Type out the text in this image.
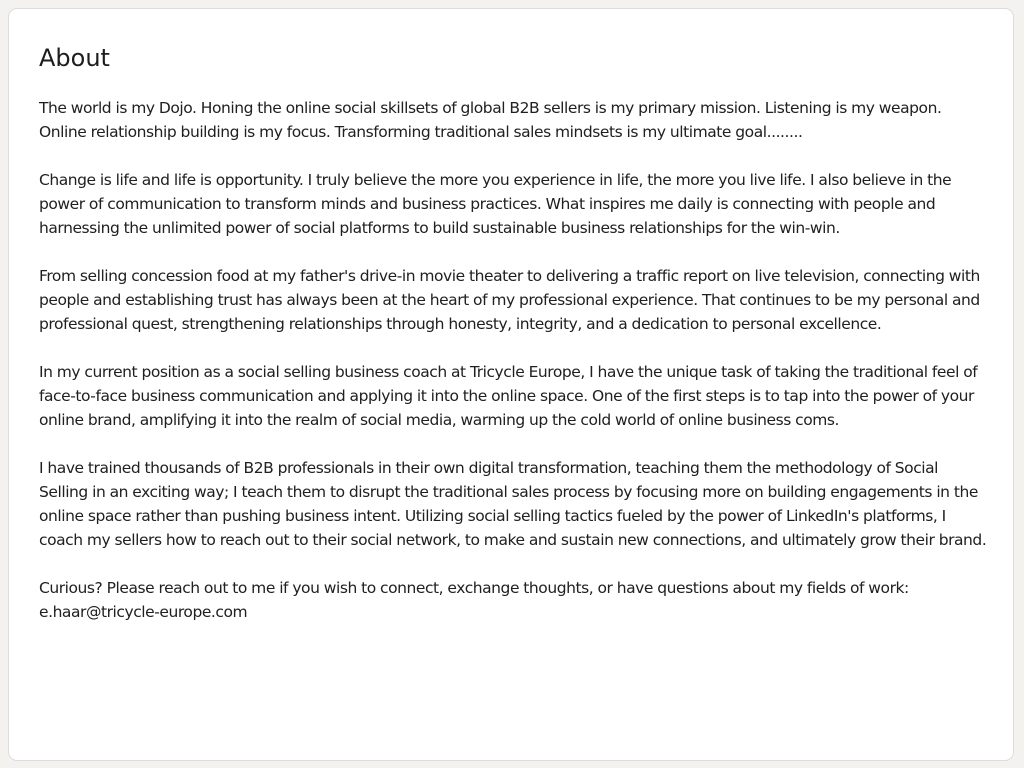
About

The world is my Dojo. Honing the online social skillsets of global B2B sellers is my primary mission. Listening is my weapon. Online relationship building is my focus. Transforming traditional sales mindsets is my ultimate goal........

Change is life and life is opportunity. I truly believe the more you experience in life, the more you live life. I also believe in the power of communication to transform minds and business practices. What inspires me daily is connecting with people and harnessing the unlimited power of social platforms to build sustainable business relationships for the win-win.

From selling concession food at my father's drive-in movie theater to delivering a traffic report on live television, connecting with people and establishing trust has always been at the heart of my professional experience. That continues to be my personal and professional quest, strengthening relationships through honesty, integrity, and a dedication to personal excellence.

In my current position as a social selling business coach at Tricycle Europe, I have the unique task of taking the traditional feel of face-to-face business communication and applying it into the online space. One of the first steps is to tap into the power of your online brand, amplifying it into the realm of social media, warming up the cold world of online business coms.

I have trained thousands of B2B professionals in their own digital transformation, teaching them the methodology of Social Selling in an exciting way; I teach them to disrupt the traditional sales process by focusing more on building engagements in the online space rather than pushing business intent. Utilizing social selling tactics fueled by the power of LinkedIn's platforms, I coach my sellers how to reach out to their social network, to make and sustain new connections, and ultimately grow their brand.

Curious? Please reach out to me if you wish to connect, exchange thoughts, or have questions about my fields of work: e.haar@tricycle-europe.com
